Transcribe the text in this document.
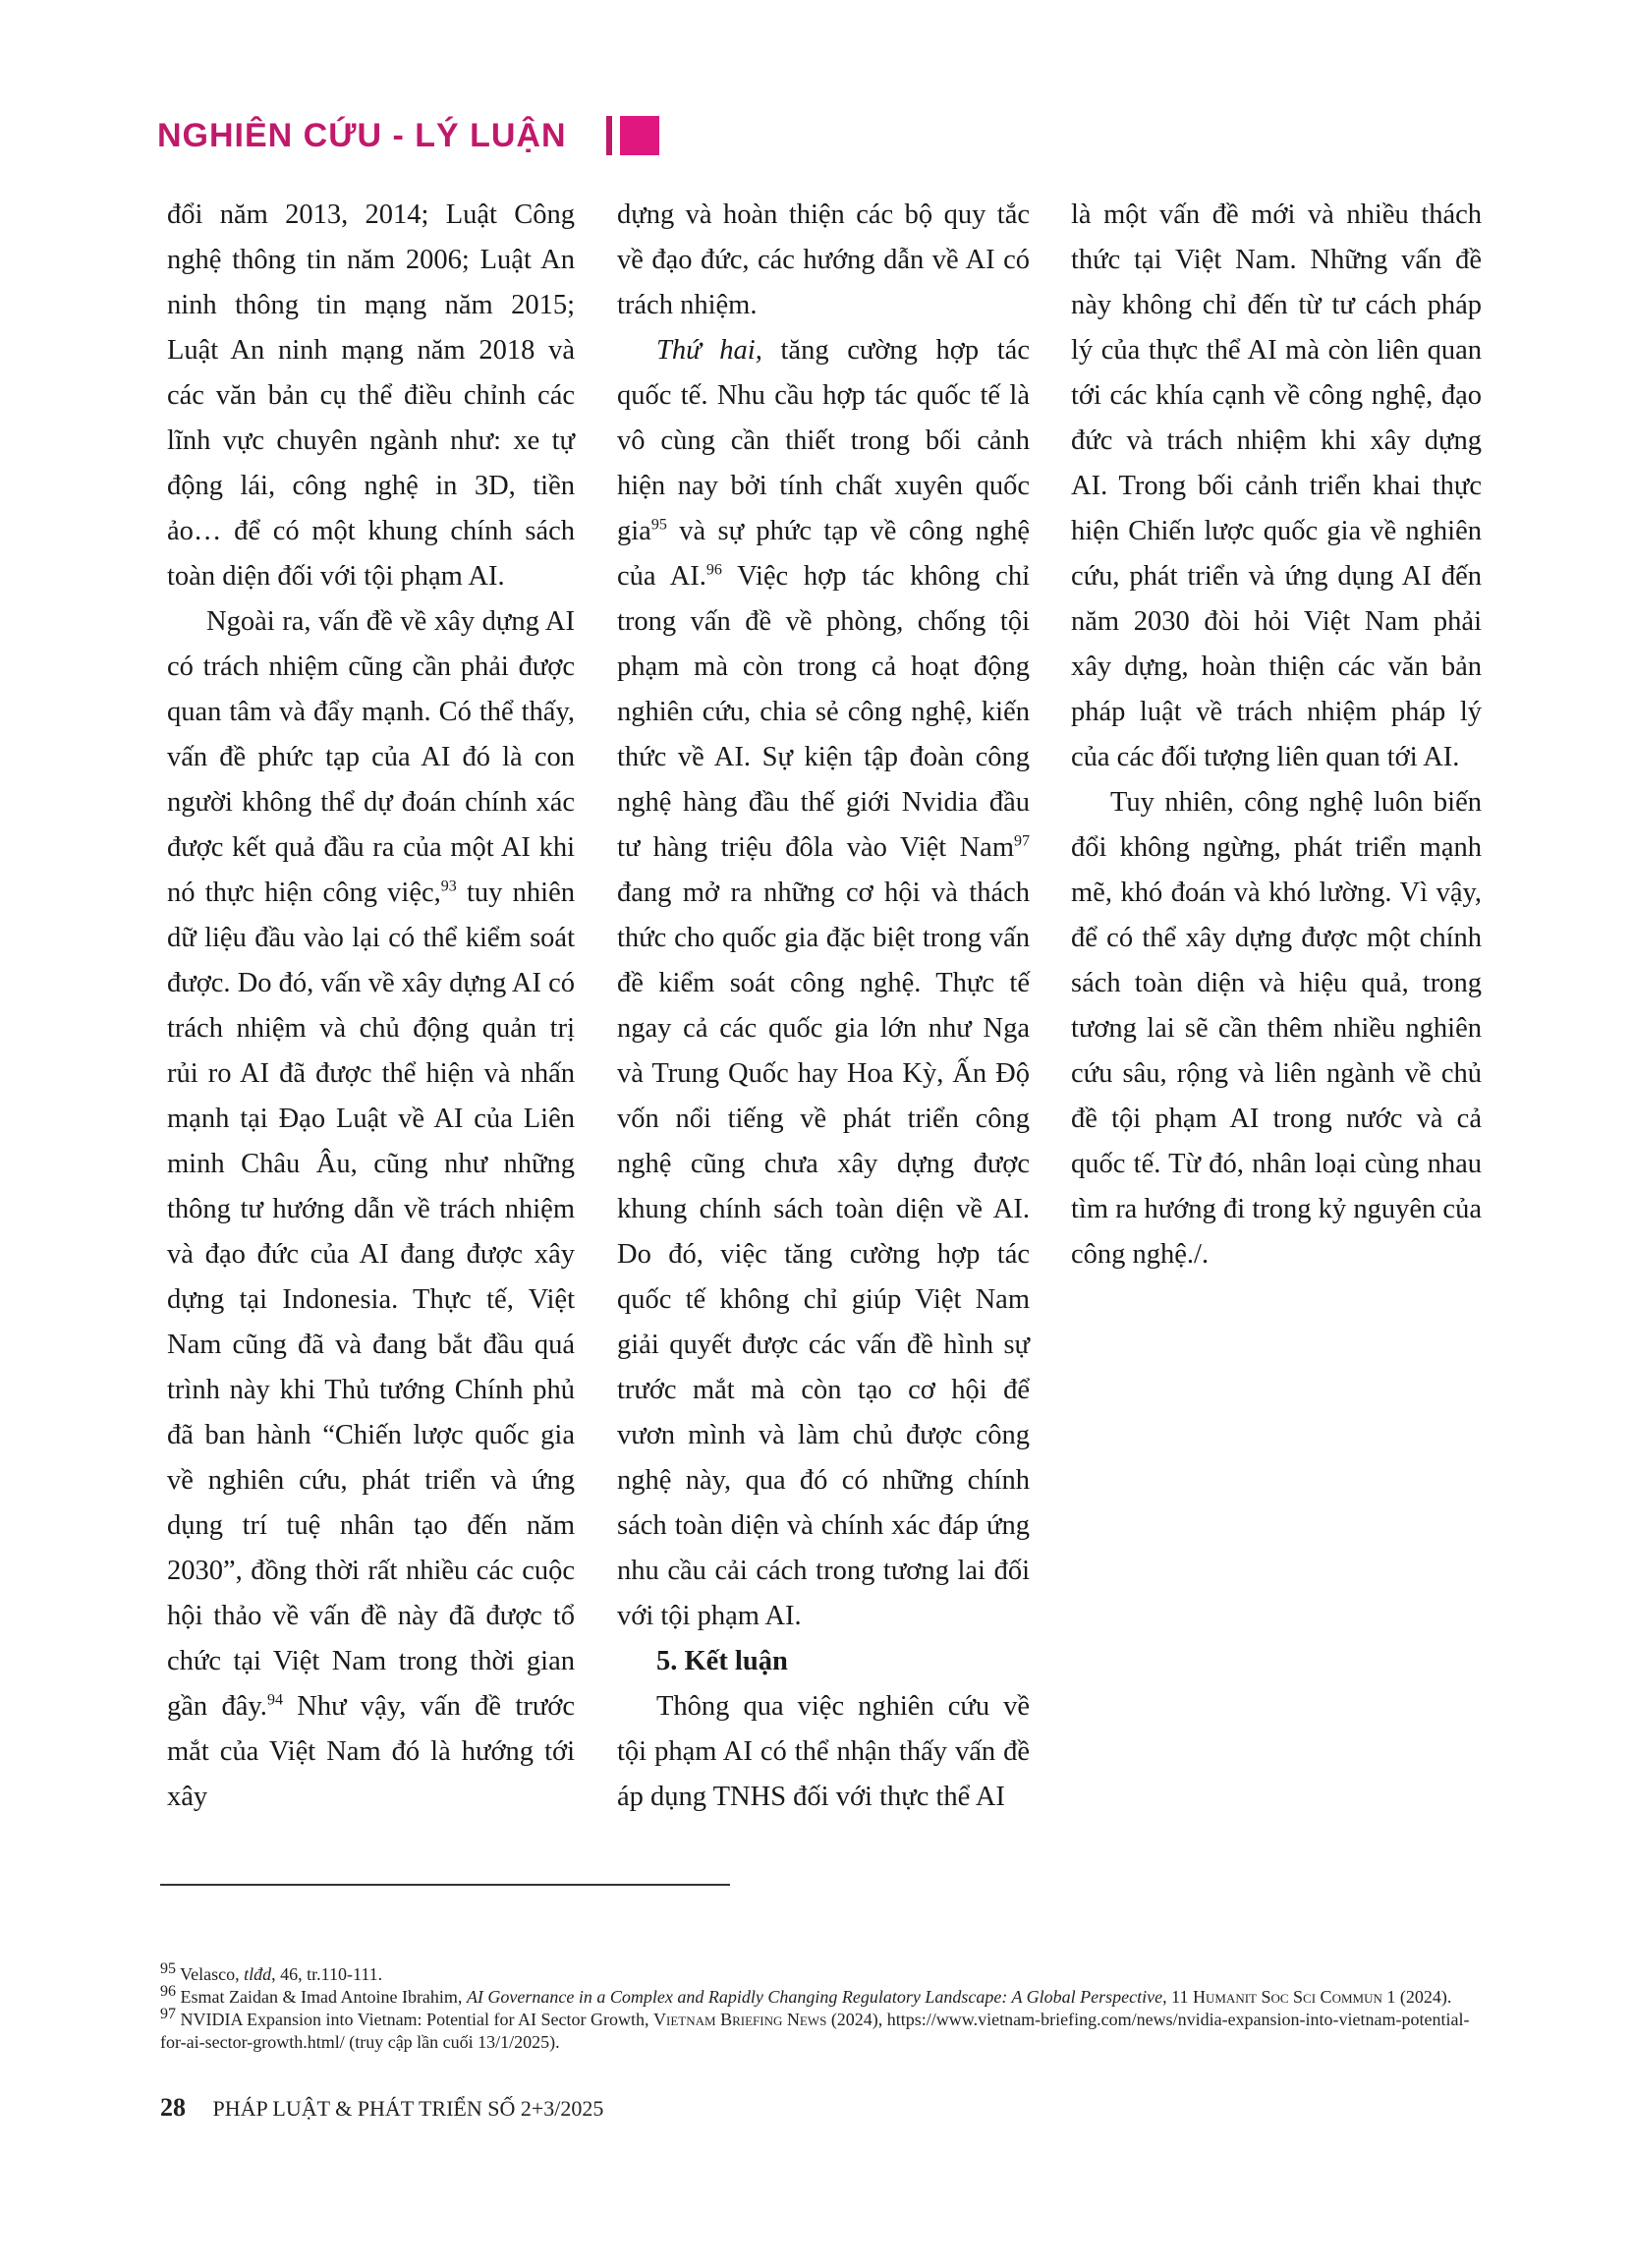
NGHIÊN CỨU - LÝ LUẬN

đổi năm 2013, 2014; Luật Công nghệ thông tin năm 2006; Luật An ninh thông tin mạng năm 2015; Luật An ninh mạng năm 2018 và các văn bản cụ thể điều chỉnh các lĩnh vực chuyên ngành như: xe tự động lái, công nghệ in 3D, tiền ảo… để có một khung chính sách toàn diện đối với tội phạm AI.

Ngoài ra, vấn đề về xây dựng AI có trách nhiệm cũng cần phải được quan tâm và đẩy mạnh. Có thể thấy, vấn đề phức tạp của AI đó là con người không thể dự đoán chính xác được kết quả đầu ra của một AI khi nó thực hiện công việc,$^{93}$ tuy nhiên dữ liệu đầu vào lại có thể kiểm soát được. Do đó, vấn về xây dựng AI có trách nhiệm và chủ động quản trị rủi ro AI đã được thể hiện và nhấn mạnh tại Đạo Luật về AI của Liên minh Châu Âu, cũng như những thông tư hướng dẫn về trách nhiệm và đạo đức của AI đang được xây dựng tại Indonesia. Thực tế, Việt Nam cũng đã và đang bắt đầu quá trình này khi Thủ tướng Chính phủ đã ban hành “Chiến lược quốc gia về nghiên cứu, phát triển và ứng dụng trí tuệ nhân tạo đến năm 2030”, đồng thời rất nhiều các cuộc hội thảo về vấn đề này đã được tổ chức tại Việt Nam trong thời gian gần đây.$^{94}$ Như vậy, vấn đề trước mắt của Việt Nam đó là hướng tới xây

dựng và hoàn thiện các bộ quy tắc về đạo đức, các hướng dẫn về AI có trách nhiệm.

Thứ hai, tăng cường hợp tác quốc tế. Nhu cầu hợp tác quốc tế là vô cùng cần thiết trong bối cảnh hiện nay bởi tính chất xuyên quốc gia$^{95}$ và sự phức tạp về công nghệ của AI.$^{96}$ Việc hợp tác không chỉ trong vấn đề về phòng, chống tội phạm mà còn trong cả hoạt động nghiên cứu, chia sẻ công nghệ, kiến thức về AI. Sự kiện tập đoàn công nghệ hàng đầu thế giới Nvidia đầu tư hàng triệu đôla vào Việt Nam$^{97}$ đang mở ra những cơ hội và thách thức cho quốc gia đặc biệt trong vấn đề kiểm soát công nghệ. Thực tế ngay cả các quốc gia lớn như Nga và Trung Quốc hay Hoa Kỳ, Ấn Độ vốn nổi tiếng về phát triển công nghệ cũng chưa xây dựng được khung chính sách toàn diện về AI. Do đó, việc tăng cường hợp tác quốc tế không chỉ giúp Việt Nam giải quyết được các vấn đề hình sự trước mắt mà còn tạo cơ hội để vươn mình và làm chủ được công nghệ này, qua đó có những chính sách toàn diện và chính xác đáp ứng nhu cầu cải cách trong tương lai đối với tội phạm AI.

5. Kết luận

Thông qua việc nghiên cứu về tội phạm AI có thể nhận thấy vấn đề áp dụng TNHS đối với thực thể AI

là một vấn đề mới và nhiều thách thức tại Việt Nam. Những vấn đề này không chỉ đến từ tư cách pháp lý của thực thể AI mà còn liên quan tới các khía cạnh về công nghệ, đạo đức và trách nhiệm khi xây dựng AI. Trong bối cảnh triển khai thực hiện Chiến lược quốc gia về nghiên cứu, phát triển và ứng dụng AI đến năm 2030 đòi hỏi Việt Nam phải xây dựng, hoàn thiện các văn bản pháp luật về trách nhiệm pháp lý của các đối tượng liên quan tới AI.

Tuy nhiên, công nghệ luôn biến đổi không ngừng, phát triển mạnh mẽ, khó đoán và khó lường. Vì vậy, để có thể xây dựng được một chính sách toàn diện và hiệu quả, trong tương lai sẽ cần thêm nhiều nghiên cứu sâu, rộng và liên ngành về chủ đề tội phạm AI trong nước và cả quốc tế. Từ đó, nhân loại cùng nhau tìm ra hướng đi trong kỷ nguyên của công nghệ./.

$^{95}$ Velasco, tlđd, 46, tr.110-111.

$^{96}$ Esmat Zaidan & Imad Antoine Ibrahim, AI Governance in a Complex and Rapidly Changing Regulatory Landscape: A Global Perspective, 11 Humanit Soc Sci Commun 1 (2024).

$^{97}$ NVIDIA Expansion into Vietnam: Potential for AI Sector Growth, Vietnam Briefing News (2024), https://www.vietnam-briefing.com/news/nvidia-expansion-into-vietnam-potential-for-ai-sector-growth.html/ (truy cập lần cuối 13/1/2025).

28 PHÁP LUẬT & PHÁT TRIỂN SỐ 2+3/2025
